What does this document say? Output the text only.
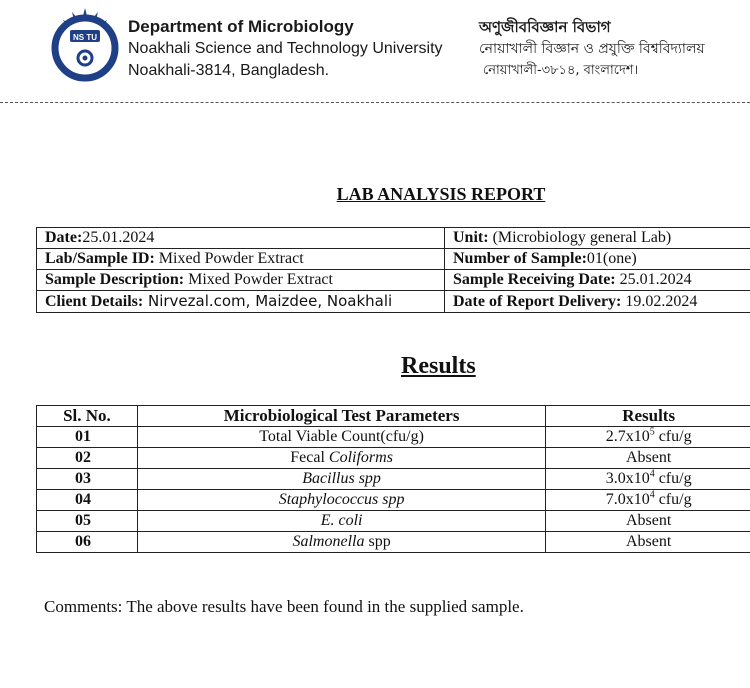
NS TU
Department of Microbiology
Noakhali Science and Technology University
Noakhali-3814, Bangladesh.
অণুজীববিজ্ঞান বিভাগ
নোয়াখালী বিজ্ঞান ও প্রযুক্তি বিশ্ববিদ্যালয়
নোয়াখালী-৩৮১৪, বাংলাদেশ।
LAB ANALYSIS REPORT
Date:25.01.2024	Unit: (Microbiology general Lab)
Lab/Sample ID: Mixed Powder Extract	Number of Sample:01(one)
Sample Description: Mixed Powder Extract	Sample Receiving Date: 25.01.2024
Client Details: Nirvezal.com, Maizdee, Noakhali	Date of Report Delivery: 19.02.2024
Results
Sl. No.	Microbiological Test Parameters	Results
01	Total Viable Count(cfu/g)	$2.7x10^5$ cfu/g
02	Fecal Coliforms	Absent
03	Bacillus spp	$3.0x10^4$ cfu/g
04	Staphylococcus spp	$7.0x10^4$ cfu/g
05	E. coli	Absent
06	Salmonella spp	Absent
Comments: The above results have been found in the supplied sample.
